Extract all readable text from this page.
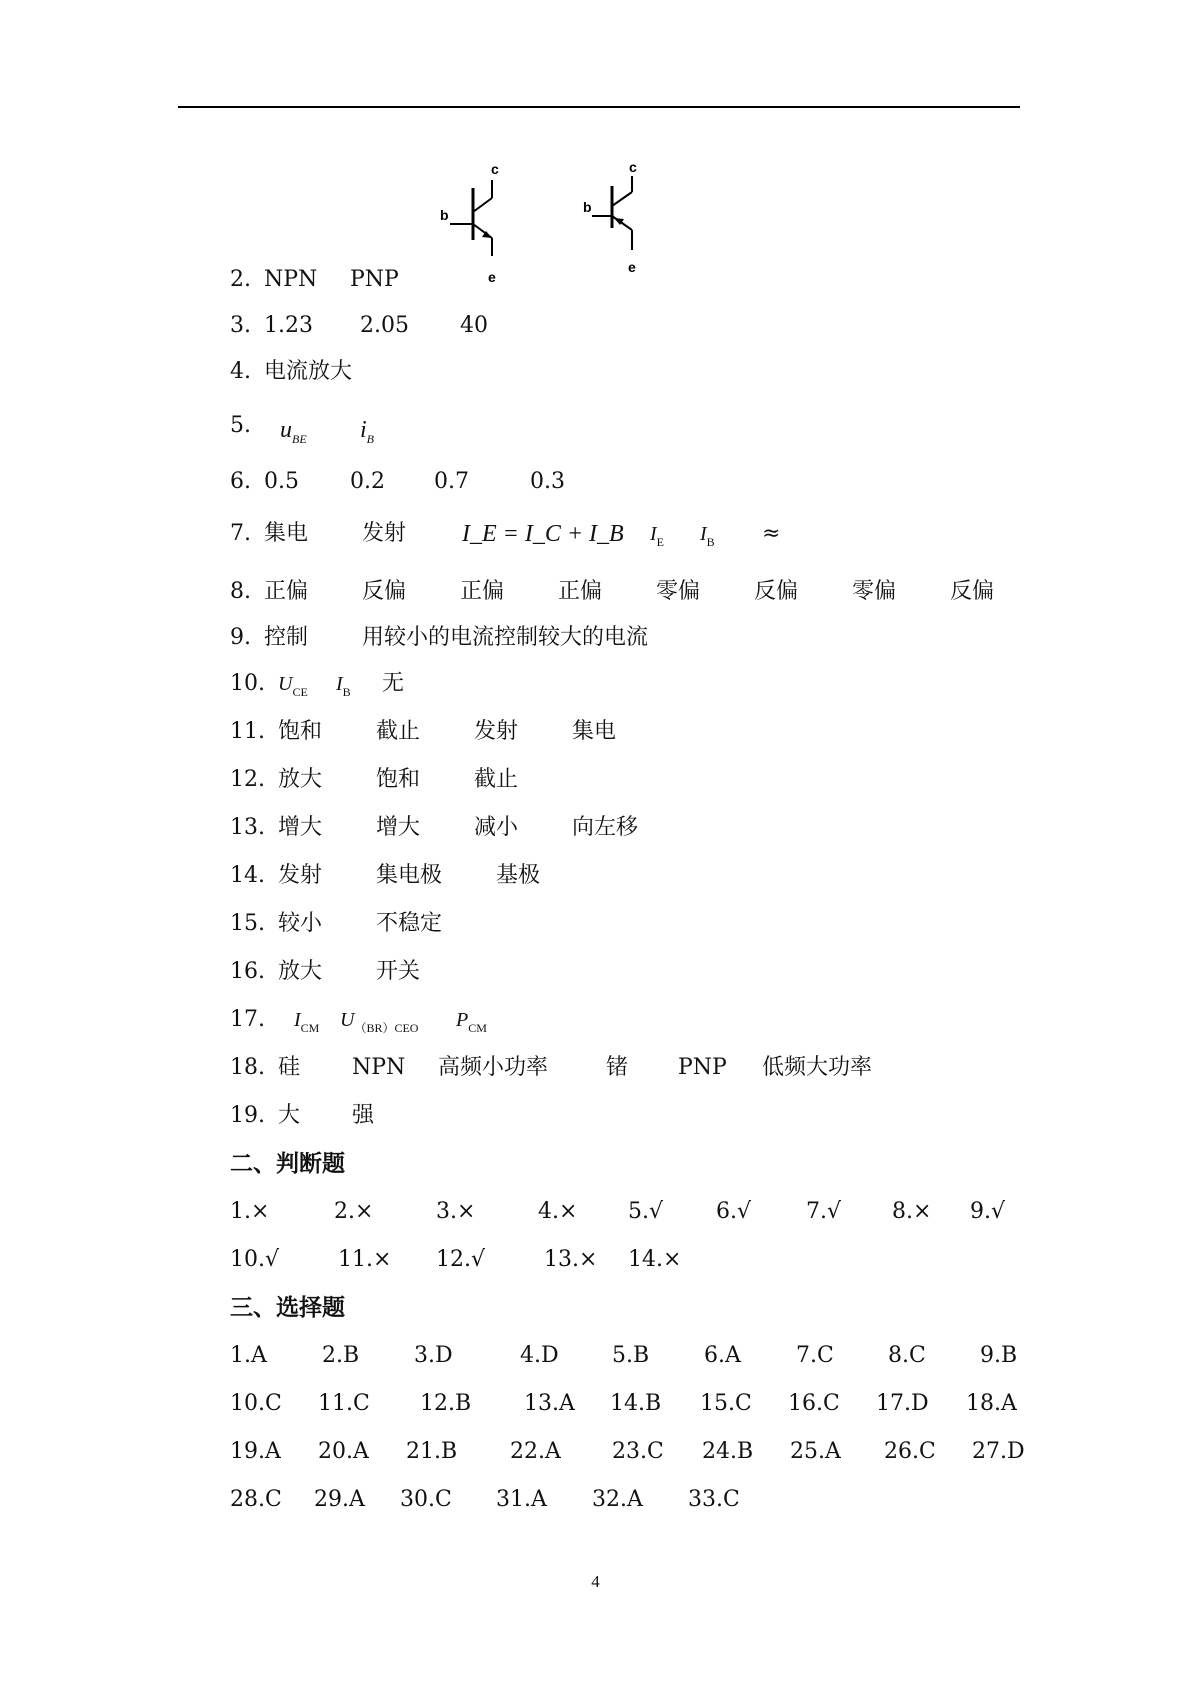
c
b
e
c
b
e
2. NPN PNP
3. 1.23 2.05 40
4. 电流放大
5. $u_{BE}$ $i_B$
6. 0.5 0.2 0.7	0.3
7. 集电 发射 I_E = I_C + I_B $I_E$ $I_B$ ≈
8. 正偏 反偏 正偏 正偏 零偏 反偏 零偏 反偏
9. 控制 用较小的电流控制较大的电流
10. $U_{CE}$ $I_B$ 无
11. 饱和 截止 发射 集电
12. 放大 饱和 截止
13. 增大 增大 减小 向左移
14. 发射 集电极 基极
15. 较小 不稳定
16. 放大 开关
17. $I_{CM}$ $U_{(BR)CEO}$ $P_{CM}$
18. 硅 NPN 高频小功率	锗 PNP 低频大功率
19. 大 强
二、判断题
1.×	2.×	3.×	4.× 5.√ 6.√ 7.√ 8.× 9.√
10.√	11.× 12.√	13.× 14.×
三、选择题
1.A	2.B 3.D	4.D 5.B 6.A	7.C 8.C 9.B
10.C 11.C 12.B 13.A 14.B 15.C 16.C 17.D 18.A
19.A 20.A 21.B 22.A 23.C 24.B 25.A 26.C 27.D
28.C 29.A 30.C 31.A 32.A 33.C
4
